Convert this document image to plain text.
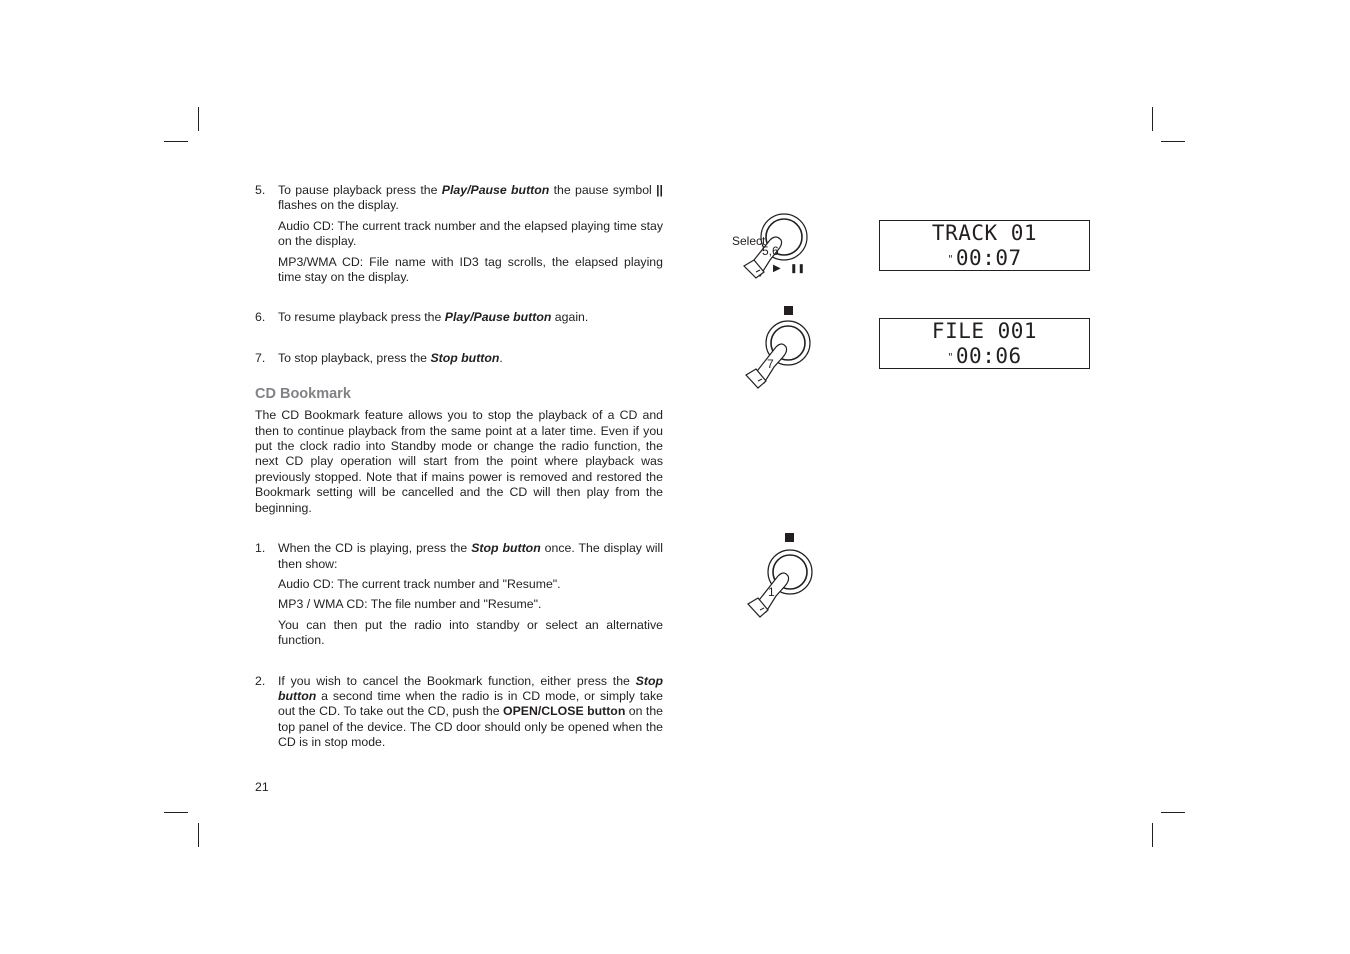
5. To pause playback press the Play/Pause button the pause symbol || flashes on the display.

Audio CD: The current track number and the elapsed playing time stay on the display.

MP3/WMA CD: File name with ID3 tag scrolls, the elapsed playing time stay on the display.

6. To resume playback press the Play/Pause button again.

7. To stop playback, press the Stop button.

CD Bookmark

The CD Bookmark feature allows you to stop the playback of a CD and then to continue playback from the same point at a later time. Even if you put the clock radio into Standby mode or change the radio function, the next CD play operation will start from the point where playback was previously stopped. Note that if mains power is removed and restored the Bookmark setting will be cancelled and the CD will then play from the beginning.

1. When the CD is playing, press the Stop button once. The display will then show:

Audio CD: The current track number and "Resume".

MP3 / WMA CD: The file number and "Resume".

You can then put the radio into standby or select an alternative function.

2. If you wish to cancel the Bookmark function, either press the Stop button a second time when the radio is in CD mode, or simply take out the CD. To take out the CD, push the OPEN/CLOSE button on the top panel of the device. The CD door should only be opened when the CD is in stop mode.

21
TRACK 01
"00:07
FILE 001
"00:06
Select
5,6
▶ ❚❚
7
1
